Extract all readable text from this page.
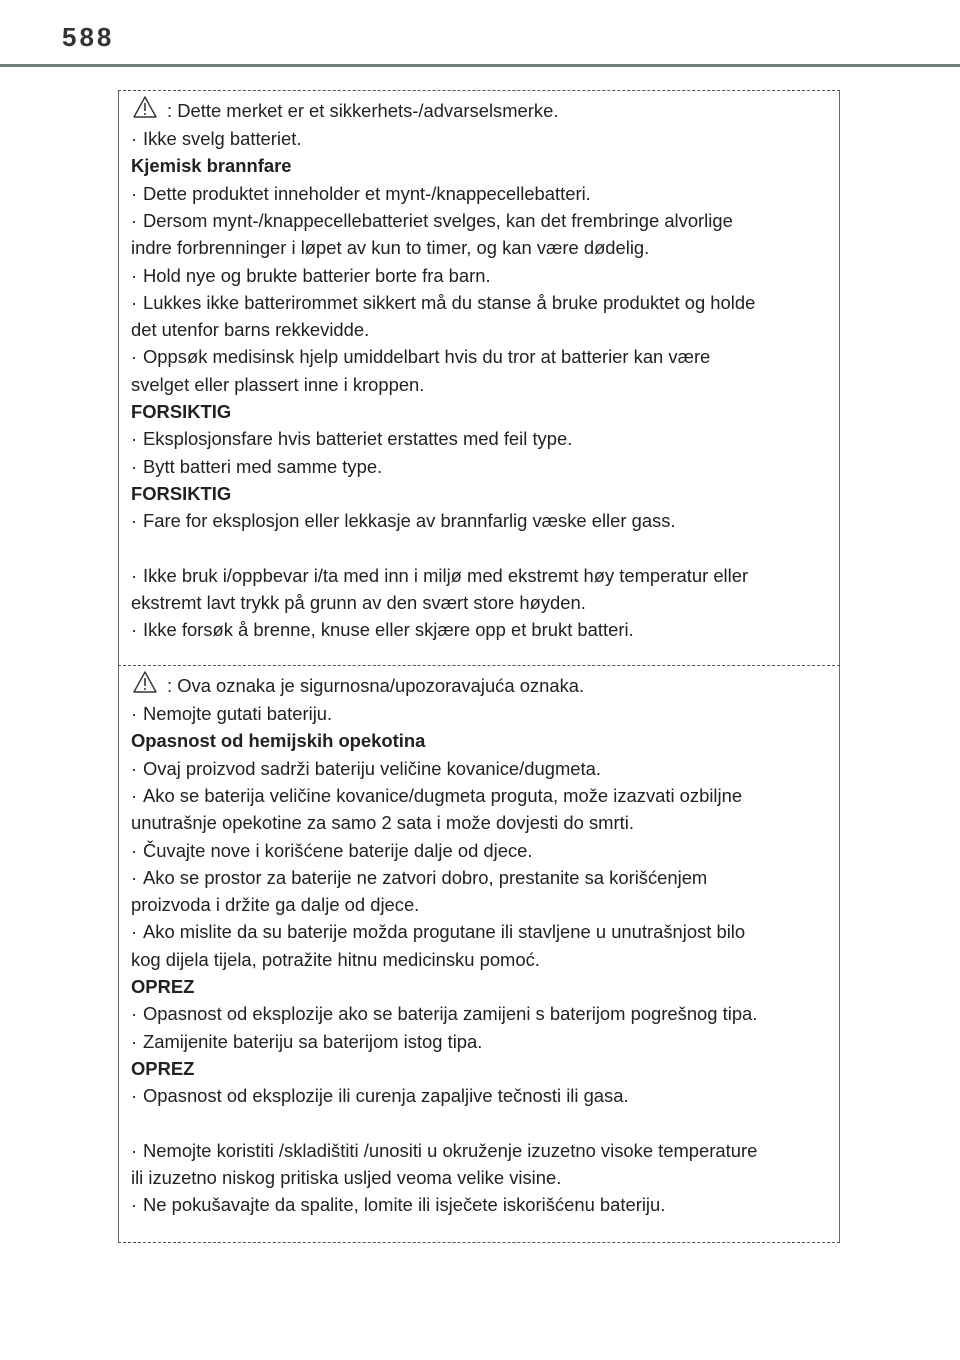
588
: Dette merket er et sikkerhets-/advarselsmerke.
· Ikke svelg batteriet.
Kjemisk brannfare
· Dette produktet inneholder et mynt-/knappecellebatteri.
· Dersom mynt-/knappecellebatteriet svelges, kan det frembringe alvorlige
indre forbrenninger i løpet av kun to timer, og kan være dødelig.
· Hold nye og brukte batterier borte fra barn.
· Lukkes ikke batterirommet sikkert må du stanse å bruke produktet og holde
det utenfor barns rekkevidde.
· Oppsøk medisinsk hjelp umiddelbart hvis du tror at batterier kan være
svelget eller plassert inne i kroppen.
FORSIKTIG
· Eksplosjonsfare hvis batteriet erstattes med feil type.
· Bytt batteri med samme type.
FORSIKTIG
· Fare for eksplosjon eller lekkasje av brannfarlig væske eller gass.
· Ikke bruk i/oppbevar i/ta med inn i miljø med ekstremt høy temperatur eller
ekstremt lavt trykk på grunn av den svært store høyden.
· Ikke forsøk å brenne, knuse eller skjære opp et brukt batteri.
: Ova oznaka je sigurnosna/upozoravajuća oznaka.
· Nemojte gutati bateriju.
Opasnost od hemijskih opekotina
· Ovaj proizvod sadrži bateriju veličine kovanice/dugmeta.
· Ako se baterija veličine kovanice/dugmeta proguta, može izazvati ozbiljne
unutrašnje opekotine za samo 2 sata i može dovjesti do smrti.
· Čuvajte nove i korišćene baterije dalje od djece.
· Ako se prostor za baterije ne zatvori dobro, prestanite sa korišćenjem
proizvoda i držite ga dalje od djece.
· Ako mislite da su baterije možda progutane ili stavljene u unutrašnjost bilo
kog dijela tijela, potražite hitnu medicinsku pomoć.
OPREZ
· Opasnost od eksplozije ako se baterija zamijeni s baterijom pogrešnog tipa.
· Zamijenite bateriju sa baterijom istog tipa.
OPREZ
· Opasnost od eksplozije ili curenja zapaljive tečnosti ili gasa.
· Nemojte koristiti /skladištiti /unositi u okruženje izuzetno visoke temperature
ili izuzetno niskog pritiska usljed veoma velike visine.
· Ne pokušavajte da spalite, lomite ili isječete iskorišćenu bateriju.
